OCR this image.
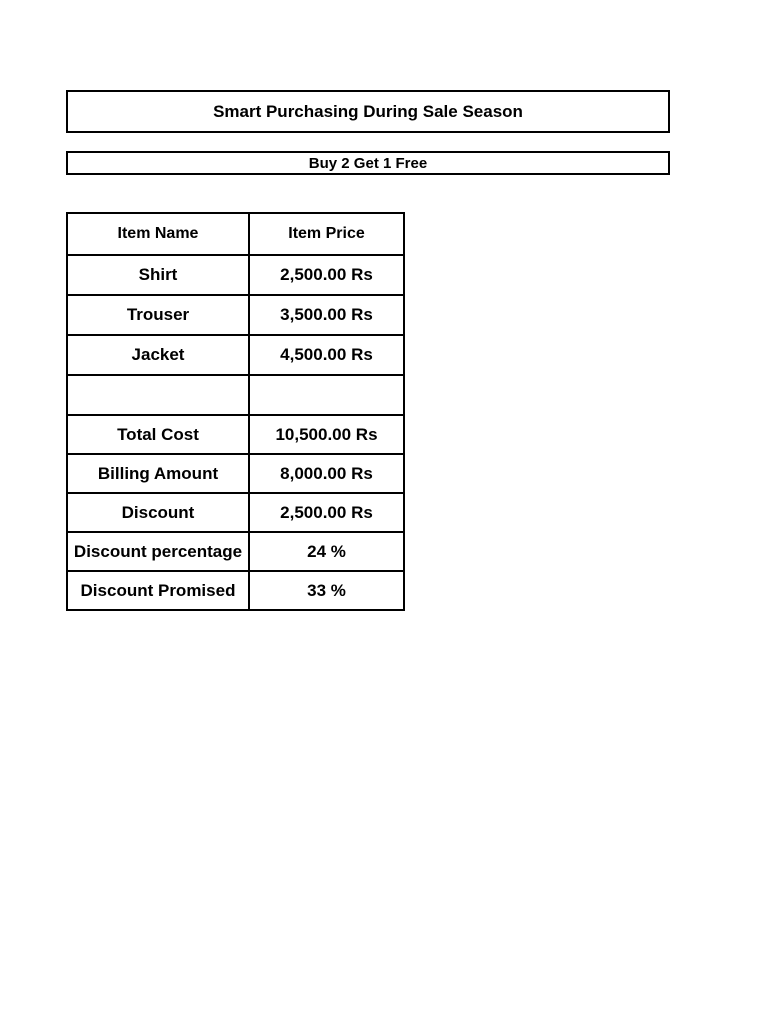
Smart Purchasing During Sale Season
Buy 2 Get 1 Free
Item Name	Item Price
Shirt	2,500.00 Rs
Trouser	3,500.00 Rs
Jacket	4,500.00 Rs

Total Cost	10,500.00 Rs
Billing Amount	8,000.00 Rs
Discount	2,500.00 Rs
Discount percentage	24 %
Discount Promised	33 %
